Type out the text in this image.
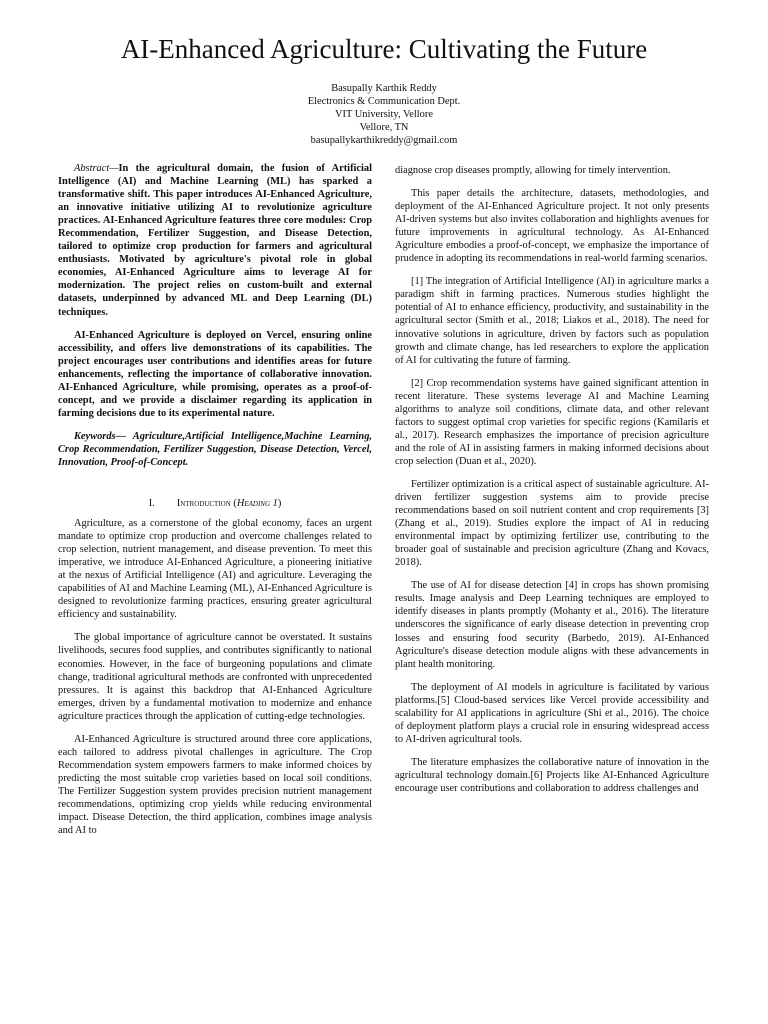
AI-Enhanced Agriculture: Cultivating the Future
Basupally Karthik Reddy
Electronics & Communication Dept.
VIT University, Vellore
Vellore, TN
basupallykarthikreddy@gmail.com

Abstract—In the agricultural domain, the fusion of Artificial Intelligence (AI) and Machine Learning (ML) has sparked a transformative shift. This paper introduces AI-Enhanced Agriculture, an innovative initiative utilizing AI to revolutionize agriculture practices. AI-Enhanced Agriculture features three core modules: Crop Recommendation, Fertilizer Suggestion, and Disease Detection, tailored to optimize crop production for farmers and agricultural enthusiasts. Motivated by agriculture's pivotal role in global economies, AI-Enhanced Agriculture aims to leverage AI for modernization. The project relies on custom-built and external datasets, underpinned by advanced ML and Deep Learning (DL) techniques.

AI-Enhanced Agriculture is deployed on Vercel, ensuring online accessibility, and offers live demonstrations of its capabilities. The project encourages user contributions and identifies areas for future enhancements, reflecting the importance of collaborative innovation. AI-Enhanced Agriculture, while promising, operates as a proof-of-concept, and we provide a disclaimer regarding its application in farming decisions due to its experimental nature.

Keywords— Agriculture,Artificial Intelligence,Machine Learning, Crop Recommendation, Fertilizer Suggestion, Disease Detection, Vercel, Innovation, Proof-of-Concept.

I. Introduction (Heading 1)

Agriculture, as a cornerstone of the global economy, faces an urgent mandate to optimize crop production and overcome challenges related to crop selection, nutrient management, and disease prevention. To meet this imperative, we introduce AI-Enhanced Agriculture, a pioneering initiative at the nexus of Artificial Intelligence (AI) and agriculture. Leveraging the capabilities of AI and Machine Learning (ML), AI-Enhanced Agriculture is designed to revolutionize farming practices, ensuring greater agricultural efficiency and sustainability.

The global importance of agriculture cannot be overstated. It sustains livelihoods, secures food supplies, and contributes significantly to national economies. However, in the face of burgeoning populations and climate change, traditional agricultural methods are confronted with unprecedented pressures. It is against this backdrop that AI-Enhanced Agriculture emerges, driven by a fundamental motivation to modernize and enhance agriculture practices through the application of cutting-edge technologies.

AI-Enhanced Agriculture is structured around three core applications, each tailored to address pivotal challenges in agriculture. The Crop Recommendation system empowers farmers to make informed choices by predicting the most suitable crop varieties based on local soil conditions. The Fertilizer Suggestion system provides precision nutrient management recommendations, optimizing crop yields while reducing environmental impact. Disease Detection, the third application, combines image analysis and AI to

diagnose crop diseases promptly, allowing for timely intervention.

This paper details the architecture, datasets, methodologies, and deployment of the AI-Enhanced Agriculture project. It not only presents AI-driven systems but also invites collaboration and highlights avenues for future improvements in agricultural technology. As AI-Enhanced Agriculture embodies a proof-of-concept, we emphasize the importance of prudence in adopting its recommendations in real-world farming scenarios.

[1] The integration of Artificial Intelligence (AI) in agriculture marks a paradigm shift in farming practices. Numerous studies highlight the potential of AI to enhance efficiency, productivity, and sustainability in the agricultural sector (Smith et al., 2018; Liakos et al., 2018). The need for innovative solutions in agriculture, driven by factors such as population growth and climate change, has led researchers to explore the application of AI for cultivating the future of farming.

[2] Crop recommendation systems have gained significant attention in recent literature. These systems leverage AI and Machine Learning algorithms to analyze soil conditions, climate data, and other relevant factors to suggest optimal crop varieties for specific regions (Kamilaris et al., 2017). Research emphasizes the importance of precision agriculture and the role of AI in assisting farmers in making informed decisions about crop selection (Duan et al., 2020).

Fertilizer optimization is a critical aspect of sustainable agriculture. AI-driven fertilizer suggestion systems aim to provide precise recommendations based on soil nutrient content and crop requirements [3] (Zhang et al., 2019). Studies explore the impact of AI in reducing environmental impact by optimizing fertilizer use, contributing to the broader goal of sustainable and precision agriculture (Zhang and Kovacs, 2018).

The use of AI for disease detection [4] in crops has shown promising results. Image analysis and Deep Learning techniques are employed to identify diseases in plants promptly (Mohanty et al., 2016). The literature underscores the significance of early disease detection in preventing crop losses and ensuring food security (Barbedo, 2019). AI-Enhanced Agriculture's disease detection module aligns with these advancements in plant health monitoring.

The deployment of AI models in agriculture is facilitated by various platforms.[5] Cloud-based services like Vercel provide accessibility and scalability for AI applications in agriculture (Shi et al., 2016). The choice of deployment platform plays a crucial role in ensuring widespread access to AI-driven agricultural tools.

The literature emphasizes the collaborative nature of innovation in the agricultural technology domain.[6] Projects like AI-Enhanced Agriculture encourage user contributions and collaboration to address challenges and
